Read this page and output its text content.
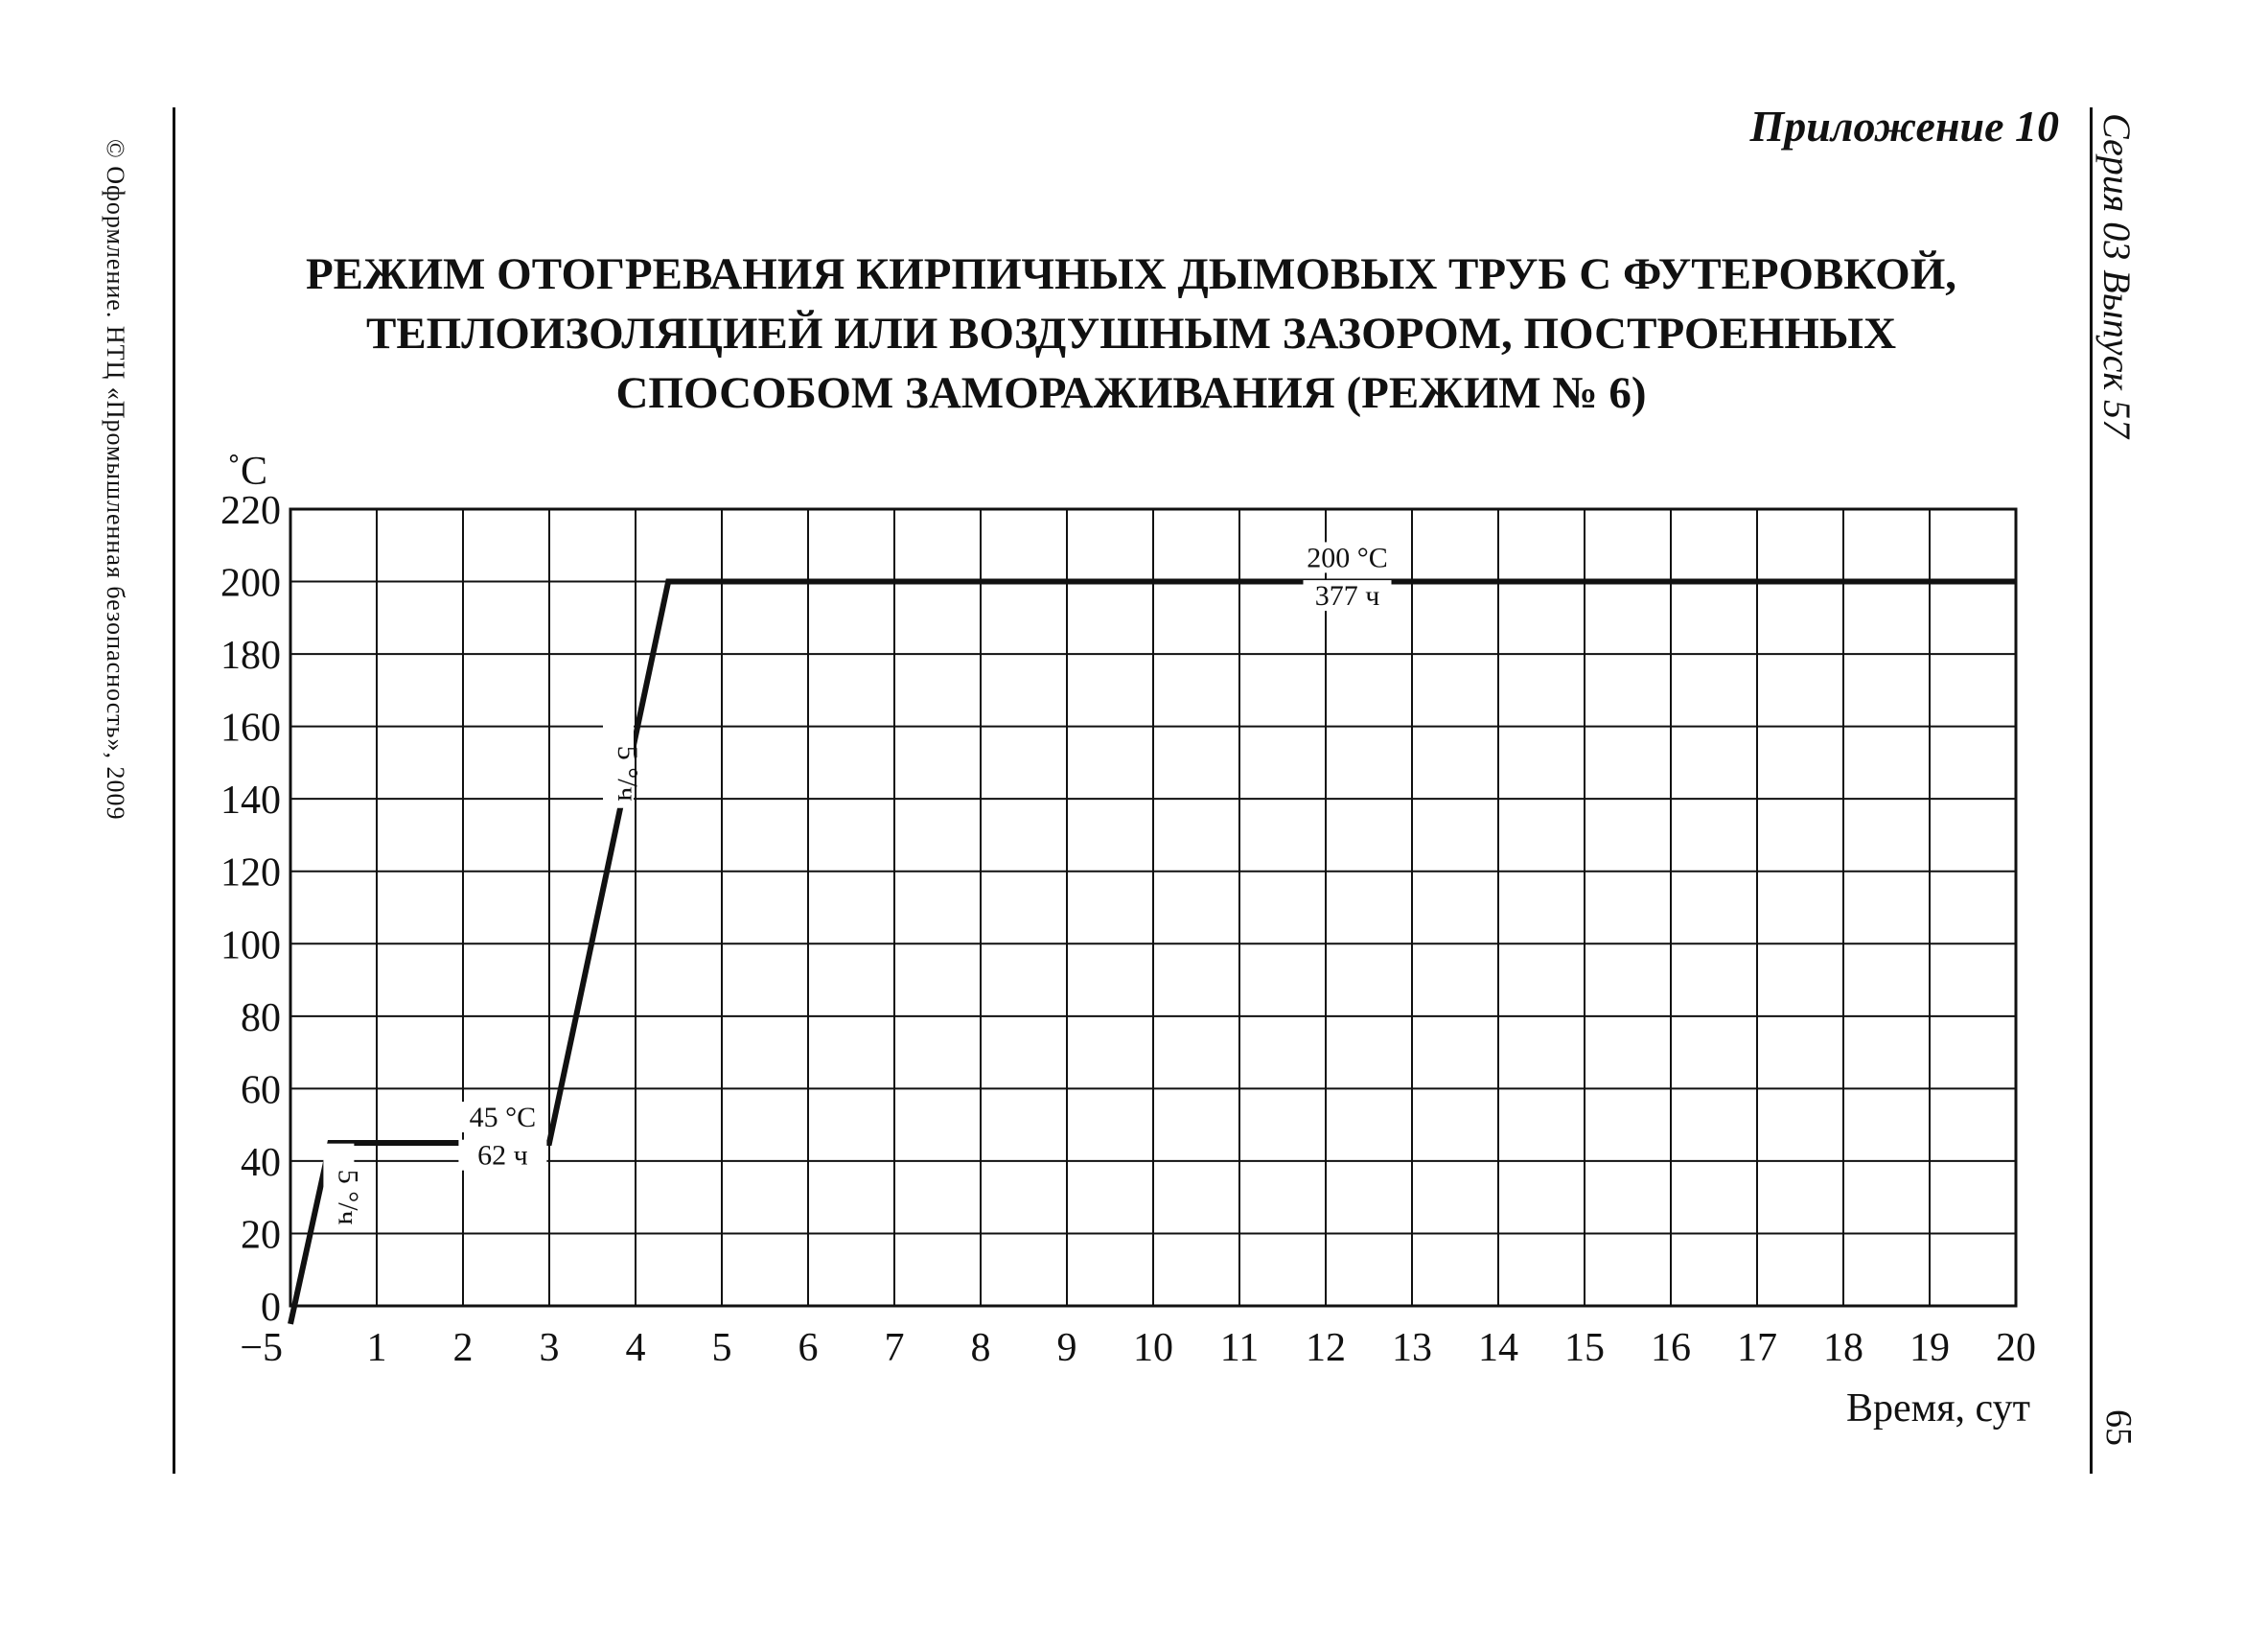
© Оформление. НТЦ «Промышленная безопасность», 2009	Серия 03 Выпуск 57
65
Приложение 10
РЕЖИМ ОТОГРЕВАНИЯ КИРПИЧНЫХ ДЫМОВЫХ ТРУБ С ФУТЕРОВКОЙ,
ТЕПЛОИЗОЛЯЦИЕЙ ИЛИ ВОЗДУШНЫМ ЗАЗОРОМ, ПОСТРОЕННЫХ
СПОСОБОМ ЗАМОРАЖИВАНИЯ (РЕЖИМ № 6)
−5 1 2 3 4 5 6 7 8 9 10 11 12 13 14 15 16 17 18 19 20
0
20
40
60
80
100
120
140
160
180
200
220
5 °/ч
45 °С
62 ч
5 °/ч
200 °С
377 ч
˚С
Время, сут
